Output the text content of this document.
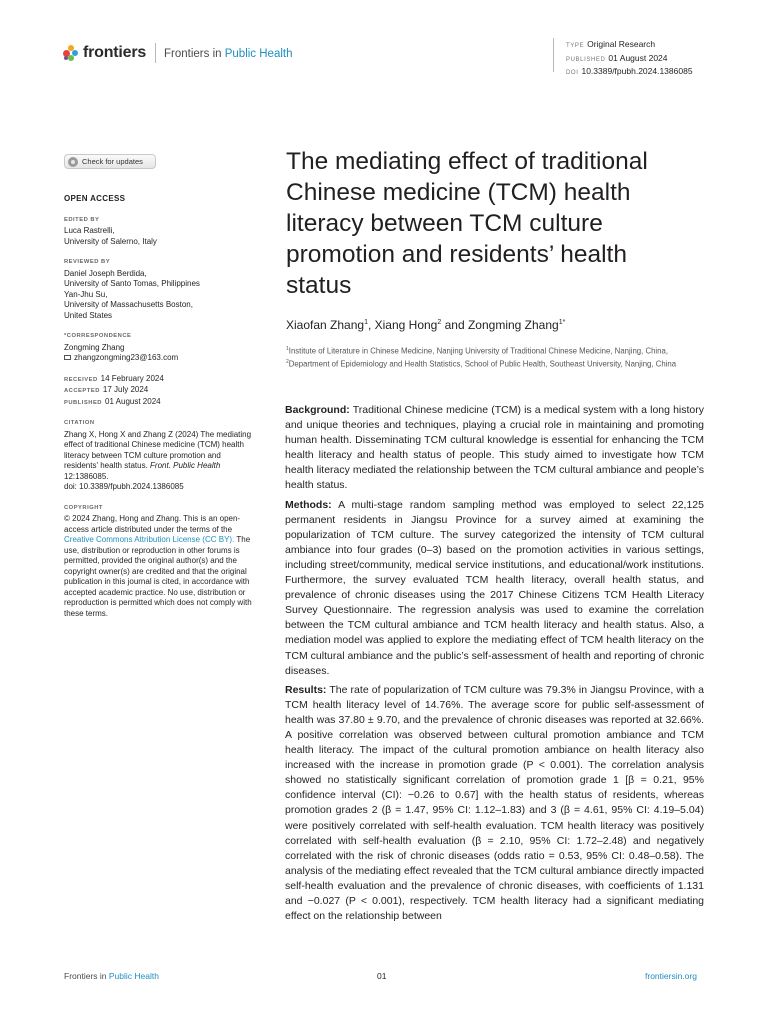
frontiers Frontiers in Public Health
TYPE Original Research
PUBLISHED 01 August 2024
DOI 10.3389/fpubh.2024.1386085
Check for updates
OPEN ACCESS
EDITED BY
Luca Rastrelli,
University of Salerno, Italy
REVIEWED BY
Daniel Joseph Berdida,
University of Santo Tomas, Philippines
Yan-Jhu Su,
University of Massachusetts Boston,
United States
*CORRESPONDENCE
Zongming Zhang
zhangzongming23@163.com
RECEIVED 14 February 2024
ACCEPTED 17 July 2024
PUBLISHED 01 August 2024
CITATION
Zhang X, Hong X and Zhang Z (2024) The mediating effect of traditional Chinese medicine (TCM) health literacy between TCM culture promotion and residents' health status. Front. Public Health 12:1386085.
doi: 10.3389/fpubh.2024.1386085
COPYRIGHT
© 2024 Zhang, Hong and Zhang. This is an open-access article distributed under the terms of the Creative Commons Attribution License (CC BY). The use, distribution or reproduction in other forums is permitted, provided the original author(s) and the copyright owner(s) are credited and that the original publication in this journal is cited, in accordance with accepted academic practice. No use, distribution or reproduction is permitted which does not comply with these terms.
The mediating effect of traditional Chinese medicine (TCM) health literacy between TCM culture promotion and residents’ health status
Xiaofan Zhang$^1$, Xiang Hong$^2$ and Zongming Zhang$^{1*}$
$^1$Institute of Literature in Chinese Medicine, Nanjing University of Traditional Chinese Medicine, Nanjing, China, $^2$Department of Epidemiology and Health Statistics, School of Public Health, Southeast University, Nanjing, China

Background: Traditional Chinese medicine (TCM) is a medical system with a long history and unique theories and techniques, playing a crucial role in maintaining and promoting human health. Disseminating TCM cultural knowledge is essential for enhancing the TCM health literacy and health status of people. This study aimed to investigate how TCM health literacy mediated the relationship between the TCM cultural ambiance and people’s health status.

Methods: A multi-stage random sampling method was employed to select 22,125 permanent residents in Jiangsu Province for a survey aimed at examining the popularization of TCM culture. The survey categorized the intensity of TCM cultural ambiance into four grades (0–3) based on the promotion activities in various settings, including street/community, medical service institutions, and educational/work institutions. Furthermore, the survey evaluated TCM health literacy, overall health status, and prevalence of chronic diseases using the 2017 Chinese Citizens TCM Health Literacy Survey Questionnaire. The regression analysis was used to examine the correlation between the TCM cultural ambiance and TCM health literacy and health status. Also, a mediation model was applied to explore the mediating effect of TCM health literacy on the TCM cultural ambiance and the public’s self-assessment of health and reporting of chronic diseases.

Results: The rate of popularization of TCM culture was 79.3% in Jiangsu Province, with a TCM health literacy level of 14.76%. The average score for public self-assessment of health was 37.80 ± 9.70, and the prevalence of chronic diseases was reported at 32.66%. A positive correlation was observed between cultural promotion ambiance and TCM health literacy. The impact of the cultural promotion ambiance on health literacy also increased with the increase in promotion grade (P < 0.001). The correlation analysis showed no statistically significant correlation of promotion grade 1 [β = 0.21, 95% confidence interval (CI): −0.26 to 0.67] with the health status of residents, whereas promotion grades 2 (β = 1.47, 95% CI: 1.12–1.83) and 3 (β = 4.61, 95% CI: 4.19–5.04) were positively correlated with self-health evaluation. TCM health literacy was positively correlated with self-health evaluation (β = 2.10, 95% CI: 1.72–2.48) and negatively correlated with the risk of chronic diseases (odds ratio = 0.53, 95% CI: 0.48–0.58). The analysis of the mediating effect revealed that the TCM cultural ambiance directly impacted self-health evaluation and the prevalence of chronic diseases, with coefficients of 1.131 and −0.027 (P < 0.001), respectively. TCM health literacy had a significant mediating effect on the relationship between

Frontiers in Public Health	01	frontiersin.org
